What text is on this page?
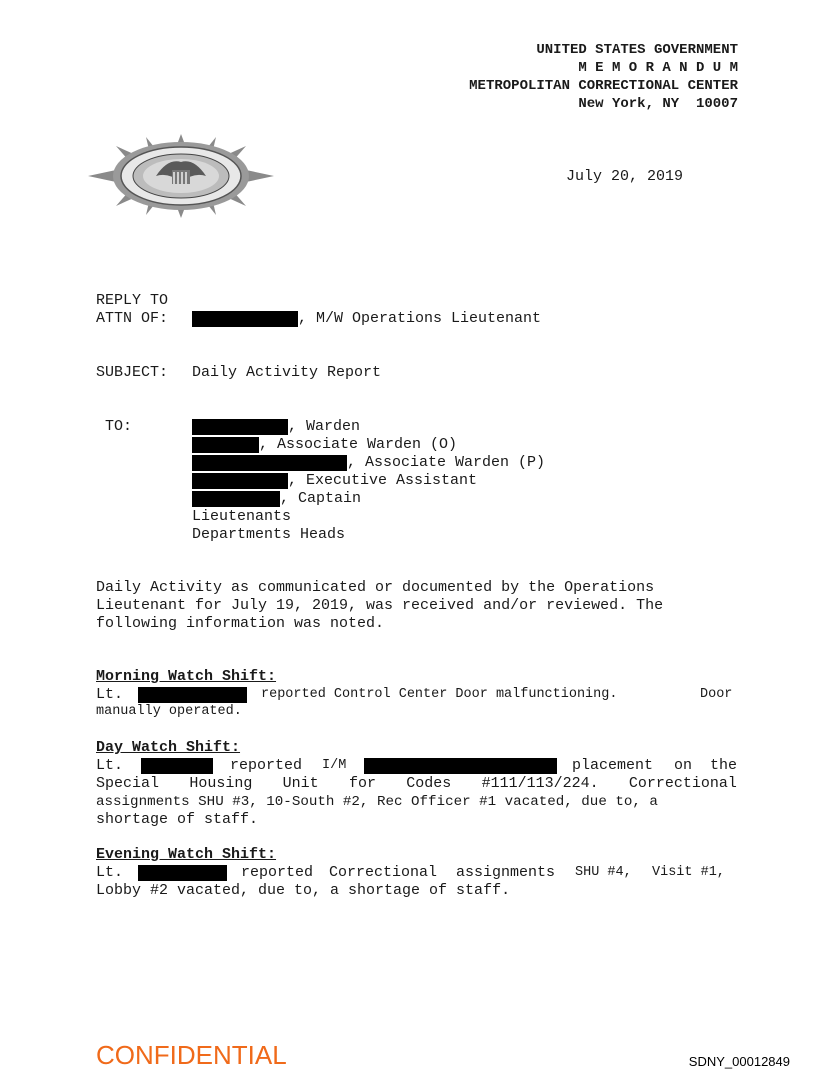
UNITED STATES GOVERNMENT
M E M O R A N D U M
METROPOLITAN CORRECTIONAL CENTER
New York, NY  10007
July 20, 2019
REPLY TO
ATTN OF:	, M/W Operations Lieutenant
SUBJECT: Daily Activity Report
TO:	, Warden
, Associate Warden (O)
, Associate Warden (P)
, Executive Assistant
, Captain
Lieutenants
Departments Heads
Daily Activity as communicated or documented by the Operations
Lieutenant for July 19, 2019, was received and/or reviewed. The
following information was noted.
Morning Watch Shift:
Lt.	reported Control Center Door malfunctioning.	Door
manually operated.
Day Watch Shift:
Lt.	reported I/M	placement on the
Special Housing Unit for Codes #111/113/224. Correctional
assignments SHU #3, 10-South #2, Rec Officer #1 vacated, due to, a
shortage of staff.
Evening Watch Shift:
Lt.	reported Correctional assignments SHU #4, Visit #1,
Lobby #2 vacated, due to, a shortage of staff.
CONFIDENTIAL	SDNY_00012849
